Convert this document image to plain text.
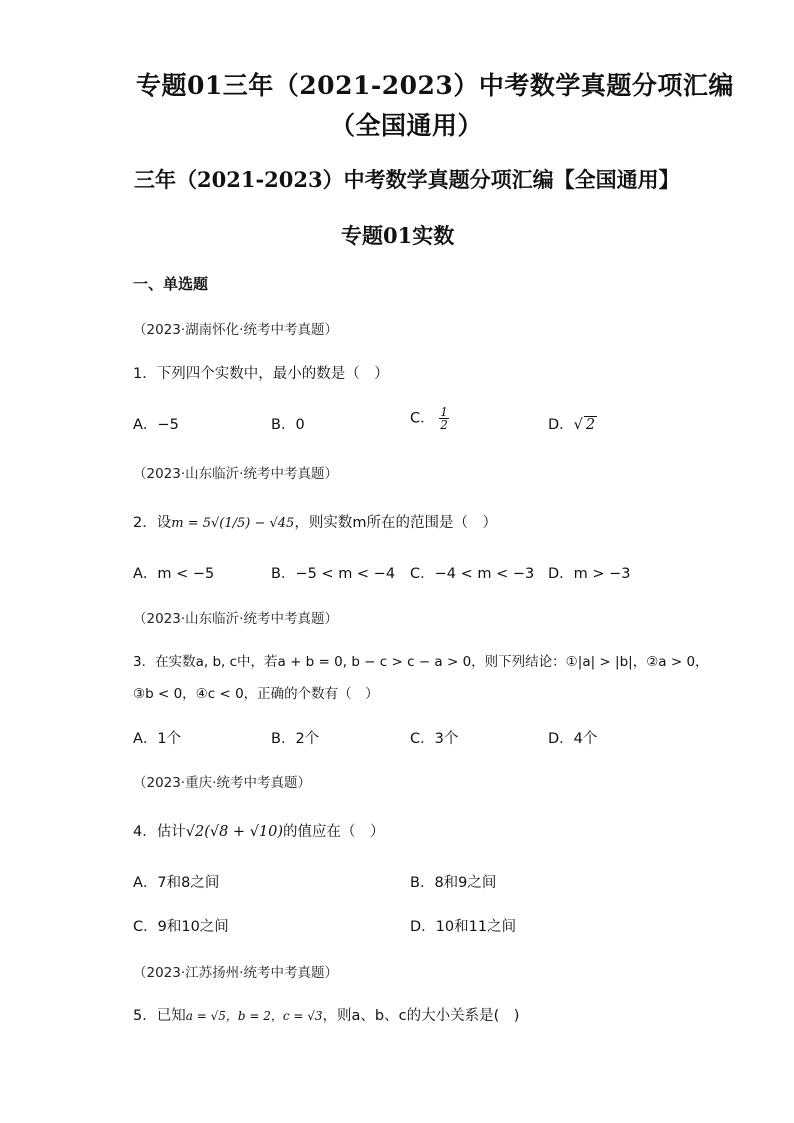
专题01三年（2021-2023）中考数学真题分项汇编
（全国通用）
三年（2021-2023）中考数学真题分项汇编【全国通用】
专题01实数
一、单选题
（2023·湖南怀化·统考中考真题）
1．下列四个实数中，最小的数是（　）
A．−5	B．0	C． $\frac{1}{2}$	D．√ 2
（2023·山东临沂·统考中考真题）
2．设m = 5√(1/5) − √45，则实数m所在的范围是（　）
A．m < −5	B．−5 < m < −4 C．−4 < m < −3 D．m > −3
（2023·山东临沂·统考中考真题）
3．在实数a, b, c中，若a + b = 0, b − c > c − a > 0，则下列结论：①|a| > |b|，②a > 0，
③b < 0，④c < 0，正确的个数有（　）
A．1个	B．2个	C．3个	D．4个
（2023·重庆·统考中考真题）
4．估计√2(√8 + √10)的值应在（　）
A．7和8之间	B．8和9之间
C．9和10之间	D．10和11之间
（2023·江苏扬州·统考中考真题）
5．已知a = √5，b = 2，c = √3，则a、b、c的大小关系是(　)
